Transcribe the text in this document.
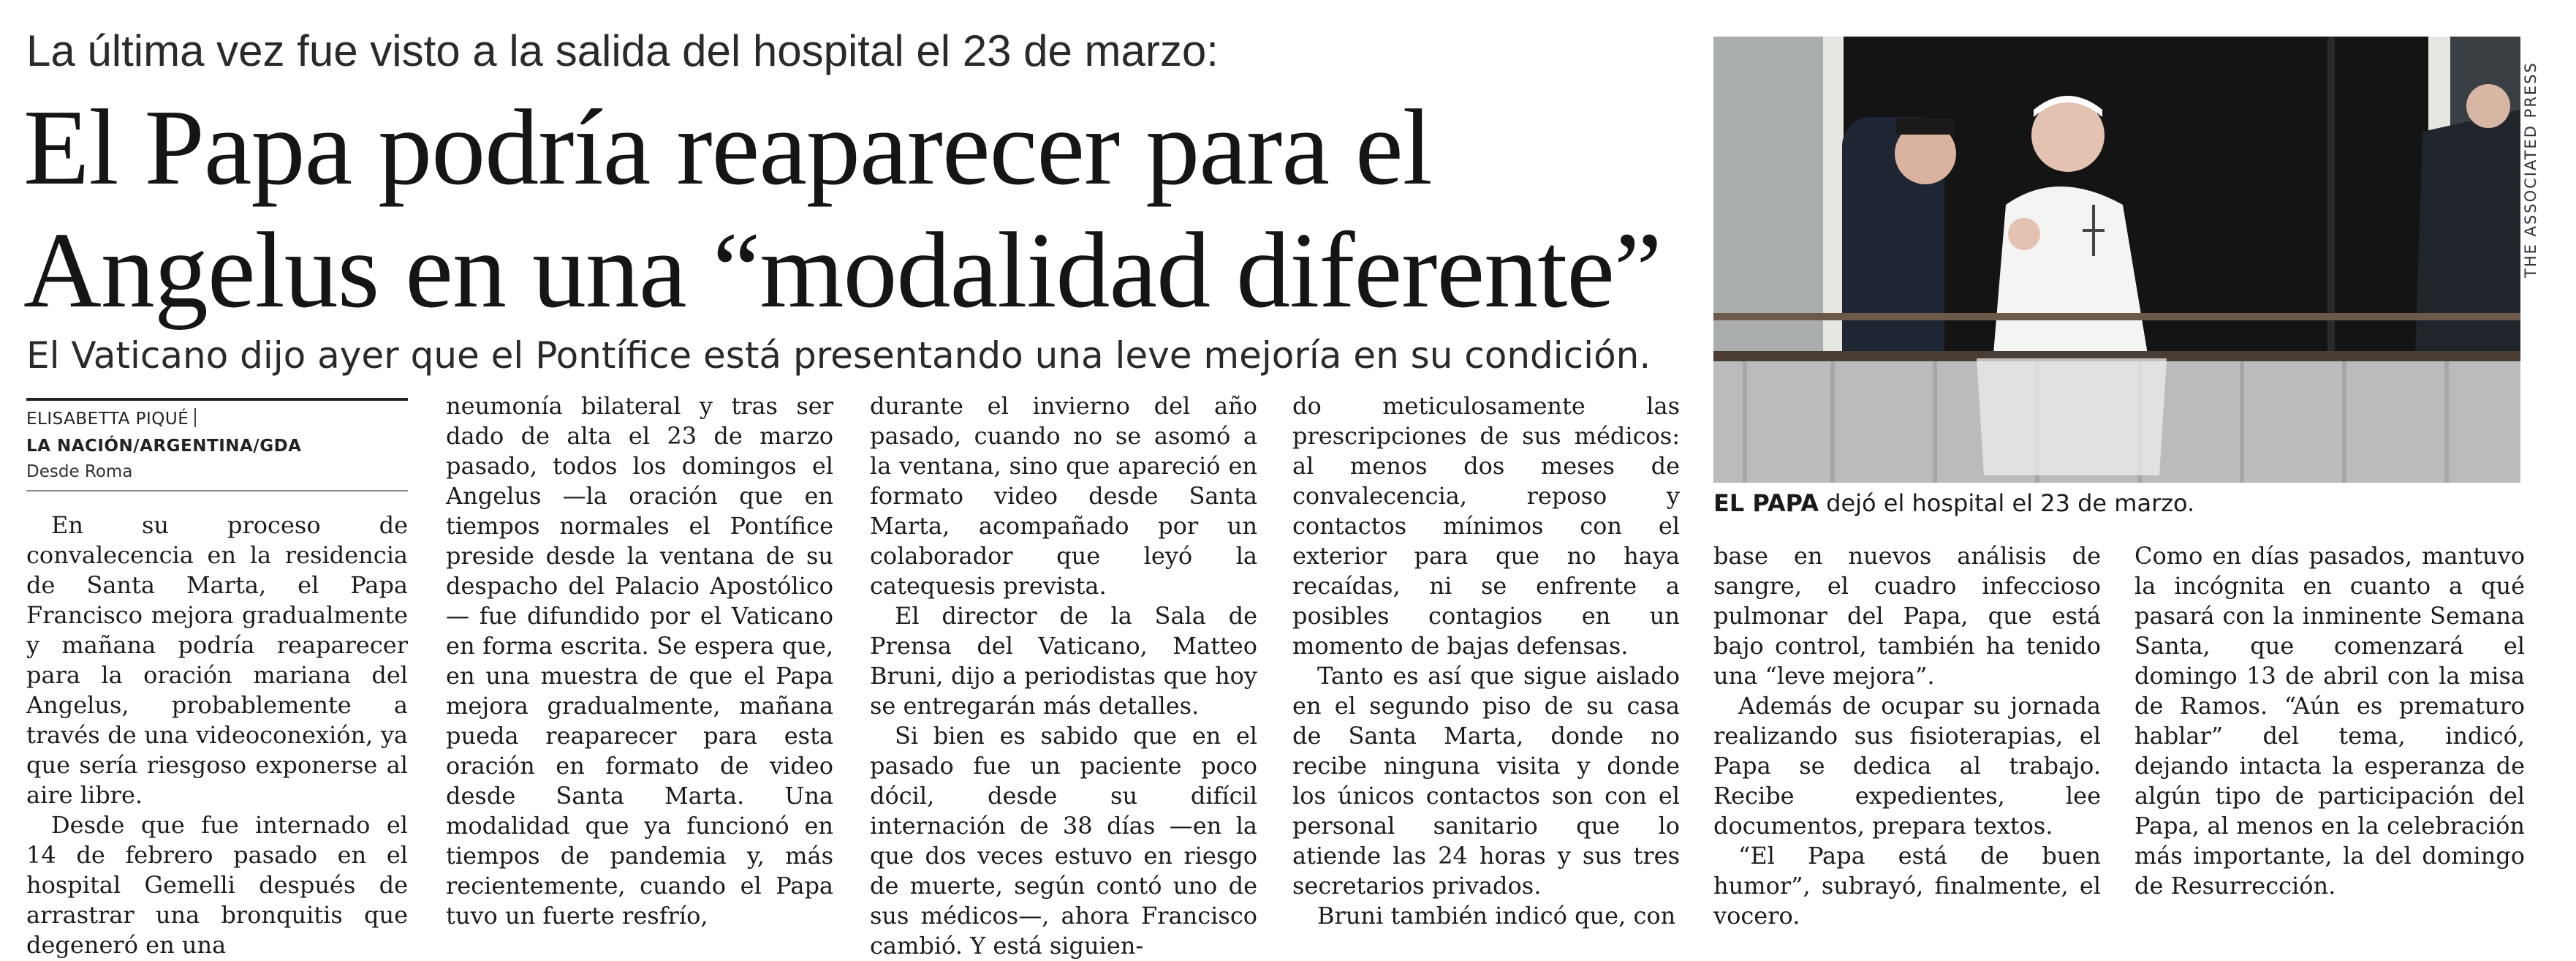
La última vez fue visto a la salida del hospital el 23 de marzo:
El Papa podría reaparecer para el
Angelus en una “modalidad diferente”
El Vaticano dijo ayer que el Pontífice está presentando una leve mejoría en su condición.
ELISABETTA PIQUÉ
LA NACIÓN/ARGENTINA/GDA
Desde Roma

En su proceso de convalecencia en la residencia de Santa Marta, el Papa Francisco mejora gradualmente y mañana podría reaparecer para la oración mariana del Angelus, probablemente a través de una videoconexión, ya que sería riesgoso exponerse al aire libre.

Desde que fue internado el 14 de febrero pasado en el hospital Gemelli después de arrastrar una bronquitis que degeneró en una

neumonía bilateral y tras ser dado de alta el 23 de marzo pasado, todos los domingos el Angelus —la oración que en tiempos normales el Pontífice preside desde la ventana de su despacho del Palacio Apostólico— fue difundido por el Vaticano en forma escrita. Se espera que, en una muestra de que el Papa mejora gradualmente, mañana pueda reaparecer para esta oración en formato de video desde Santa Marta. Una modalidad que ya funcionó en tiempos de pandemia y, más recientemente, cuando el Papa tuvo un fuerte resfrío,

durante el invierno del año pasado, cuando no se asomó a la ventana, sino que apareció en formato video desde Santa Marta, acompañado por un colaborador que leyó la catequesis prevista.

El director de la Sala de Prensa del Vaticano, Matteo Bruni, dijo a periodistas que hoy se entregarán más detalles.

Si bien es sabido que en el pasado fue un paciente poco dócil, desde su difícil internación de 38 días —en la que dos veces estuvo en riesgo de muerte, según contó uno de sus médicos—, ahora Francisco cambió. Y está siguien-

do meticulosamente las prescripciones de sus médicos: al menos dos meses de convalecencia, reposo y contactos mínimos con el exterior para que no haya recaídas, ni se enfrente a posibles contagios en un momento de bajas defensas.

Tanto es así que sigue aislado en el segundo piso de su casa de Santa Marta, donde no recibe ninguna visita y donde los únicos contactos son con el personal sanitario que lo atiende las 24 horas y sus tres secretarios privados.

Bruni también indicó que, con

base en nuevos análisis de sangre, el cuadro infeccioso pulmonar del Papa, que está bajo control, también ha tenido una “leve mejora”.

Además de ocupar su jornada realizando sus fisioterapias, el Papa se dedica al trabajo. Recibe expedientes, lee documentos, prepara textos.

“El Papa está de buen humor”, subrayó, finalmente, el vocero.

Como en días pasados, mantuvo la incógnita en cuanto a qué pasará con la inminente Semana Santa, que comenzará el domingo 13 de abril con la misa de Ramos. “Aún es prematuro hablar” del tema, indicó, dejando intacta la esperanza de algún tipo de participación del Papa, al menos en la celebración más importante, la del domingo de Resurrección.

THE ASSOCIATED PRESS
EL PAPA dejó el hospital el 23 de marzo.
